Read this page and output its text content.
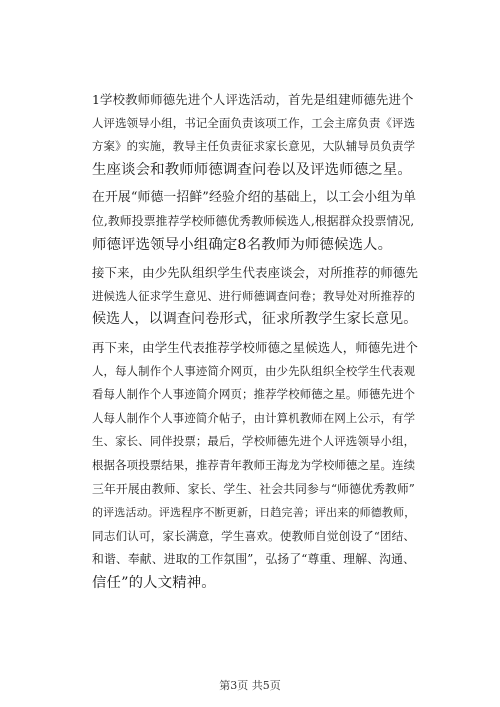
1学校教师师德先进个人评选活动，首先是组建师德先进个
人评选领导小组，书记全面负责该项工作，工会主席负责《评选
方案》的实施，教导主任负责征求家长意见，大队辅导员负责学
生座谈会和教师师德调查问卷以及评选师德之星。

在开展“师德一招鲜”经验介绍的基础上，以工会小组为单
位,教师投票推荐学校师德优秀教师候选人,根据群众投票情况,
师德评选领导小组确定8名教师为师德候选人。

接下来，由少先队组织学生代表座谈会，对所推荐的师德先
进候选人征求学生意见、进行师德调查问卷；教导处对所推荐的
候选人，以调查问卷形式，征求所教学生家长意见。

再下来，由学生代表推荐学校师德之星候选人，师德先进个
人，每人制作个人事迹简介网页，由少先队组织全校学生代表观
看每人制作个人事迹简介网页；推荐学校师德之星。师德先进个
人每人制作个人事迹简介帖子，由计算机教师在网上公示，有学
生、家长、同伴投票；最后，学校师德先进个人评选领导小组，
根据各项投票结果，推荐青年教师王海龙为学校师德之星。连续
三年开展由教师、家长、学生、社会共同参与“师德优秀教师”
的评选活动。评选程序不断更新，日趋完善；评出来的师德教师，
同志们认可，家长满意，学生喜欢。使教师自觉创设了“团结、
和谐、奉献、进取的工作氛围”，弘扬了“尊重、理解、沟通、
信任”的人文精神。

第3页 共5页
